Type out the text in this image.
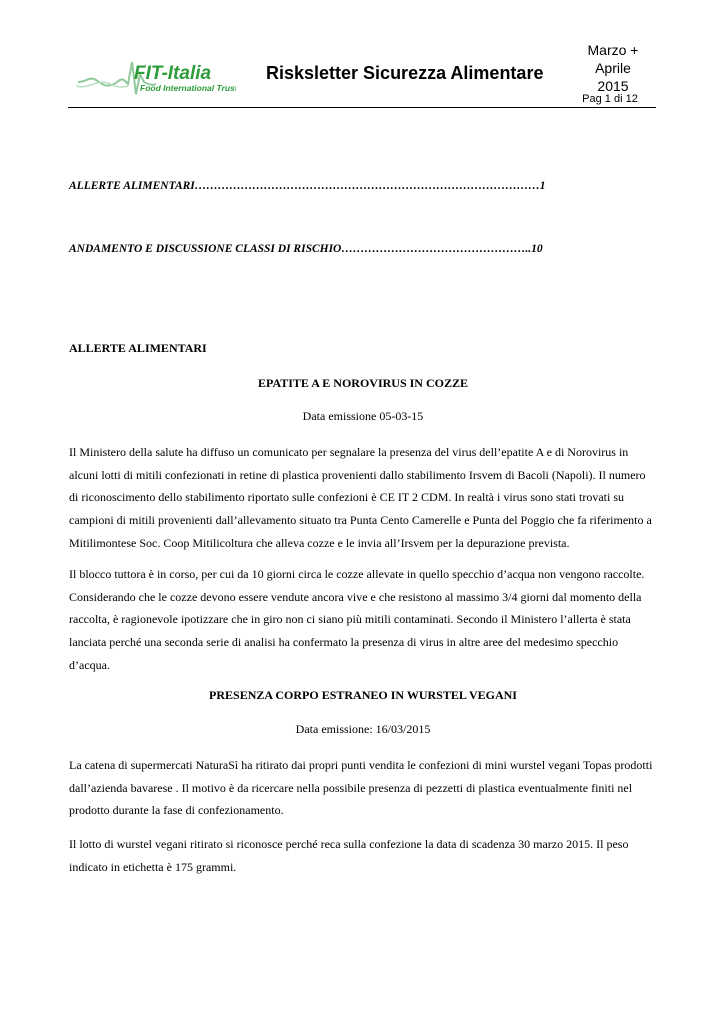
FIT-Italia
Food International Trust
Risksletter Sicurezza Alimentare
Marzo +
Aprile
2015
Pag 1 di 12
ALLERTE ALIMENTARI………………………………………………………………………………1
ANDAMENTO E DISCUSSIONE CLASSI DI RISCHIO…………………………………………..10
ALLERTE ALIMENTARI
EPATITE A E NOROVIRUS IN COZZE
Data emissione 05-03-15

Il Ministero della salute ha diffuso un comunicato per segnalare la presenza del virus dell’epatite A e di Norovirus in alcuni lotti di mitili confezionati in retine di plastica provenienti dallo stabilimento Irsvem di Bacoli (Napoli). Il numero di riconoscimento dello stabilimento riportato sulle confezioni è CE IT 2 CDM. In realtà i virus sono stati trovati su campioni di mitili provenienti dall’allevamento situato tra Punta Cento Camerelle e Punta del Poggio che fa riferimento a Mitilimontese Soc. Coop Mitilicoltura che alleva cozze e le invia all’Irsvem per la depurazione prevista.

Il blocco tuttora è in corso, per cui da 10 giorni circa le cozze allevate in quello specchio d’acqua non vengono raccolte. Considerando che le cozze devono essere vendute ancora vive e che resistono al massimo 3/4 giorni dal momento della raccolta, è ragionevole ipotizzare che in giro non ci siano più mitili contaminati. Secondo il Ministero l’allerta è stata lanciata perché una seconda serie di analisi ha confermato la presenza di virus in altre aree del medesimo specchio d’acqua.

PRESENZA CORPO ESTRANEO IN WURSTEL VEGANI
Data emissione: 16/03/2015

La catena di supermercati NaturaSì ha ritirato dai propri punti vendita le confezioni di mini wurstel vegani Topas prodotti dall’azienda bavarese . Il motivo è da ricercare nella possibile presenza di pezzetti di plastica eventualmente finiti nel prodotto durante la fase di confezionamento.

Il lotto di wurstel vegani ritirato si riconosce perché reca sulla confezione la data di scadenza 30 marzo 2015. Il peso indicato in etichetta è 175 grammi.
